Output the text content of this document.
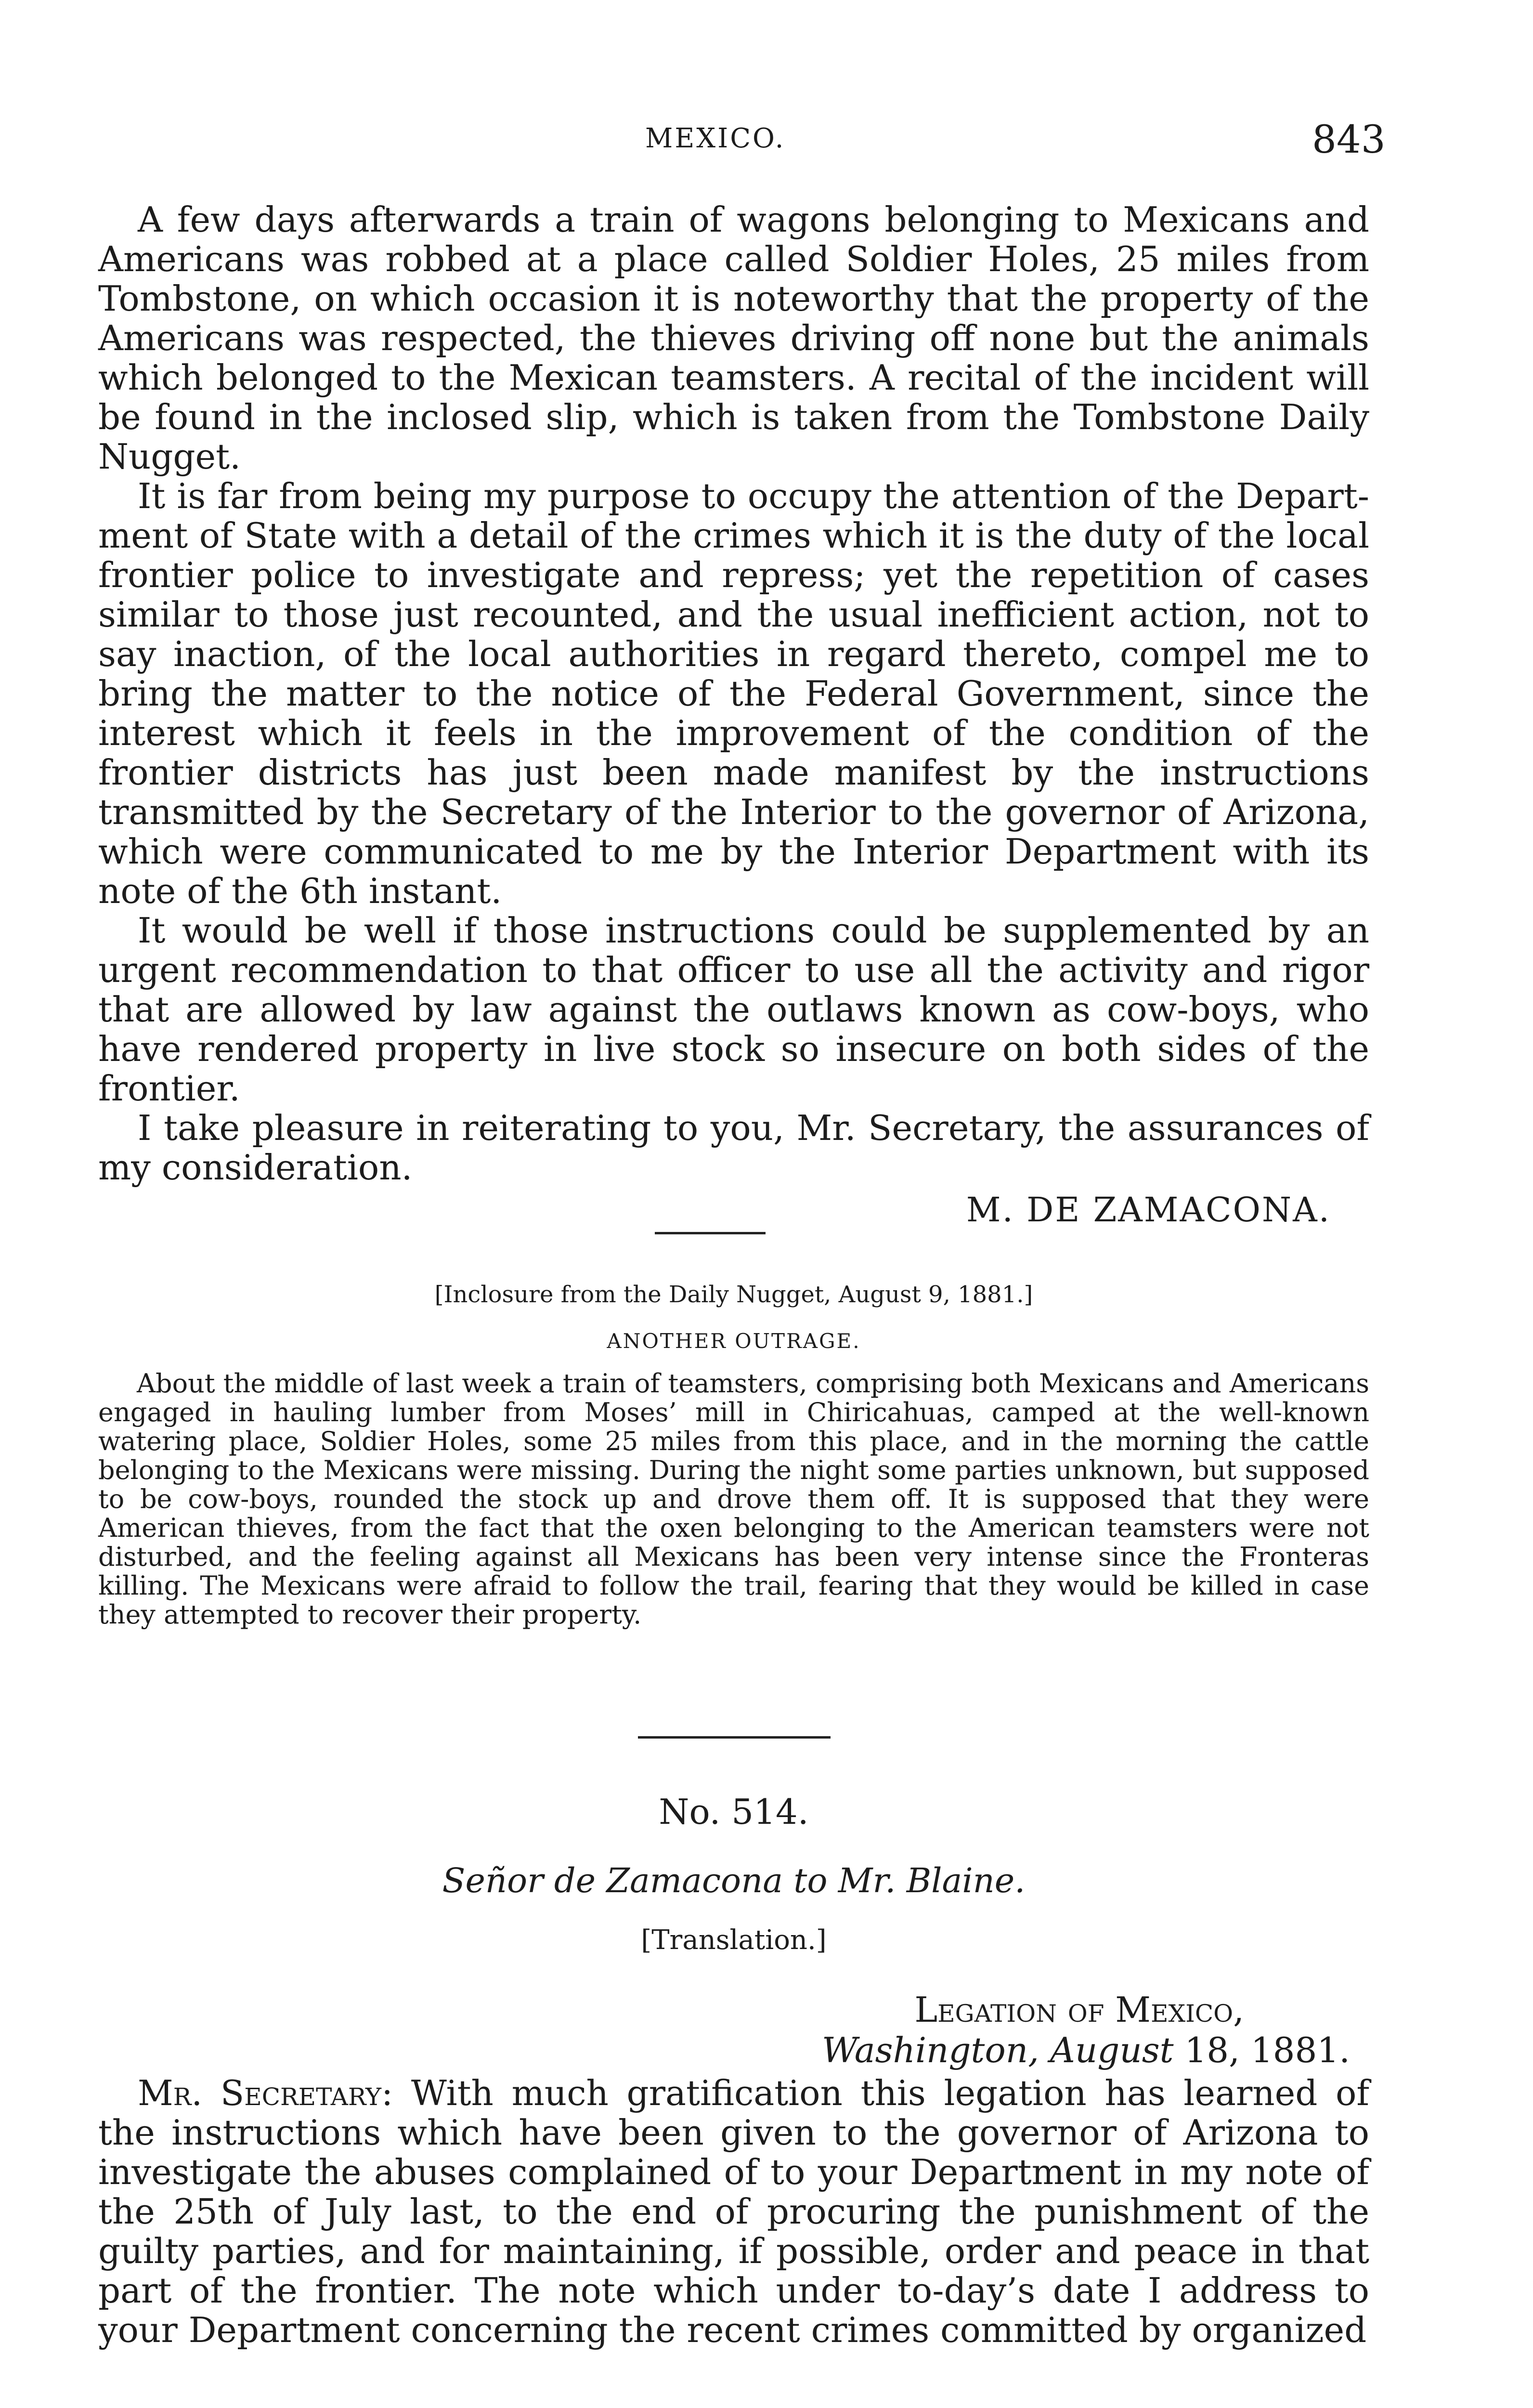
MEXICO.	843

A few days afterwards a train of wagons belonging to Mexicans and Americans was robbed at a place called Soldier Holes, 25 miles from Tombstone, on which occasion it is noteworthy that the property of the Americans was respected, the thieves driving off none but the animals which belonged to the Mexican teamsters. A recital of the incident will be found in the inclosed slip, which is taken from the Tombstone Daily Nugget.

It is far from being my purpose to occupy the attention of the Department of State with a detail of the crimes which it is the duty of the local frontier police to investigate and repress; yet the repetition of cases similar to those just recounted, and the usual inefficient action, not to say inaction, of the local authorities in regard thereto, compel me to bring the matter to the notice of the Federal Government, since the interest which it feels in the improvement of the condition of the frontier districts has just been made manifest by the instructions transmitted by the Secretary of the Interior to the governor of Arizona, which were communicated to me by the Interior Department with its note of the 6th instant.

It would be well if those instructions could be supplemented by an urgent recommendation to that officer to use all the activity and rigor that are allowed by law against the outlaws known as cow-boys, who have rendered property in live stock so insecure on both sides of the frontier.

I take pleasure in reiterating to you, Mr. Secretary, the assurances of my consideration.

M. DE ZAMACONA.

[Inclosure from the Daily Nugget, August 9, 1881.]

ANOTHER OUTRAGE.

About the middle of last week a train of teamsters, comprising both Mexicans and Americans engaged in hauling lumber from Moses’ mill in Chiricahuas, camped at the well-known watering place, Soldier Holes, some 25 miles from this place, and in the morning the cattle belonging to the Mexicans were missing. During the night some parties unknown, but supposed to be cow-boys, rounded the stock up and drove them off. It is supposed that they were American thieves, from the fact that the oxen belonging to the American teamsters were not disturbed, and the feeling against all Mexicans has been very intense since the Fronteras killing. The Mexicans were afraid to follow the trail, fearing that they would be killed in case they attempted to recover their property.

No. 514.

Señor de Zamacona to Mr. Blaine.

[Translation.]

Legation of Mexico,

Washington, August 18, 1881.

Mr. Secretary: With much gratification this legation has learned of the instructions which have been given to the governor of Arizona to investigate the abuses complained of to your Department in my note of the 25th of July last, to the end of procuring the punishment of the guilty parties, and for maintaining, if possible, order and peace in that part of the frontier. The note which under to-day’s date I address to your Department concerning the recent crimes committed by organized
